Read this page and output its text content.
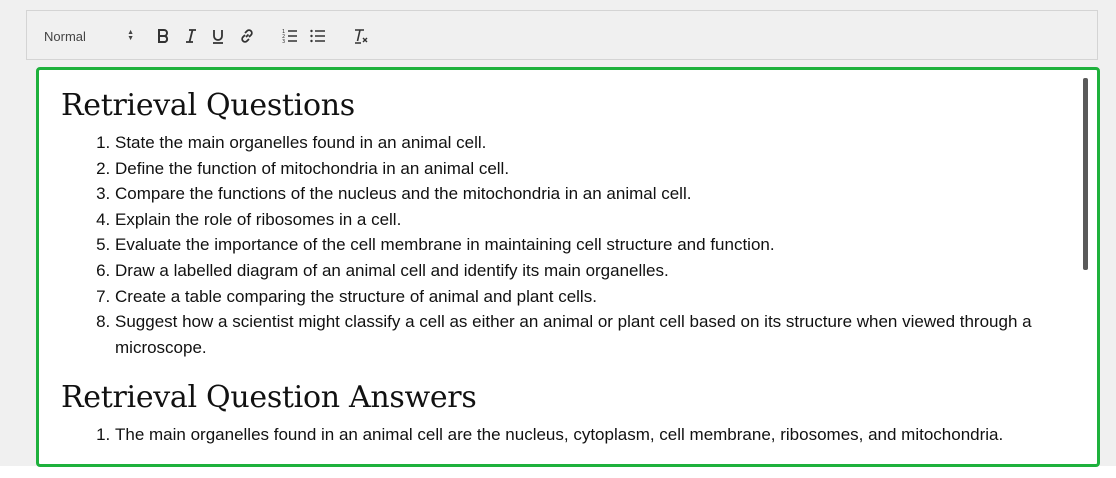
Normal	▲
▼
1
2
3
Retrieval Questions
1. State the main organelles found in an animal cell.
2. Define the function of mitochondria in an animal cell.
3. Compare the functions of the nucleus and the mitochondria in an animal cell.
4. Explain the role of ribosomes in a cell.
5. Evaluate the importance of the cell membrane in maintaining cell structure and function.
6. Draw a labelled diagram of an animal cell and identify its main organelles.
7. Create a table comparing the structure of animal and plant cells.
8. Suggest how a scientist might classify a cell as either an animal or plant cell based on its structure when viewed through a microscope.
Retrieval Question Answers
1. The main organelles found in an animal cell are the nucleus, cytoplasm, cell membrane, ribosomes, and mitochondria.
